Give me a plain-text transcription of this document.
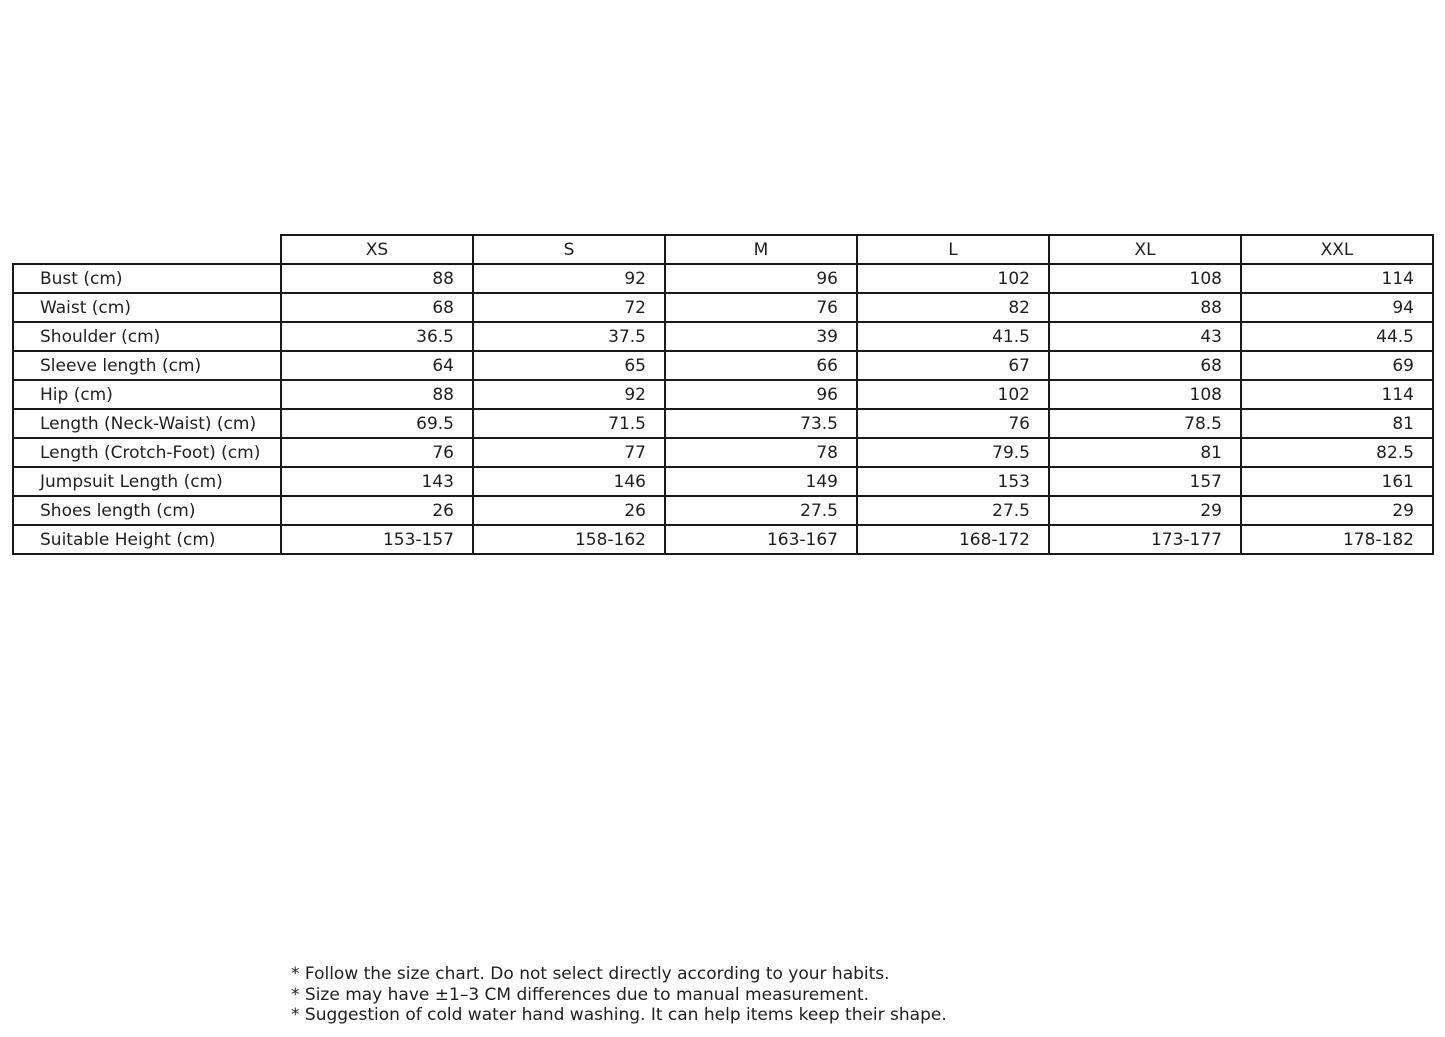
	XS	S	M	L	XL	XXL
Bust (cm)	88	92	96	102	108	114
Waist (cm)	68	72	76	82	88	94
Shoulder (cm)	36.5	37.5	39	41.5	43	44.5
Sleeve length (cm)	64	65	66	67	68	69
Hip (cm)	88	92	96	102	108	114
Length (Neck-Waist) (cm)	69.5	71.5	73.5	76	78.5	81
Length (Crotch-Foot) (cm)	76	77	78	79.5	81	82.5
Jumpsuit Length (cm)	143	146	149	153	157	161
Shoes length (cm)	26	26	27.5	27.5	29	29
Suitable Height (cm)	153-157	158-162	163-167	168-172	173-177	178-182
* Follow the size chart. Do not select directly according to your habits.
* Size may have ±1–3 CM differences due to manual measurement.
* Suggestion of cold water hand washing. It can help items keep their shape.
